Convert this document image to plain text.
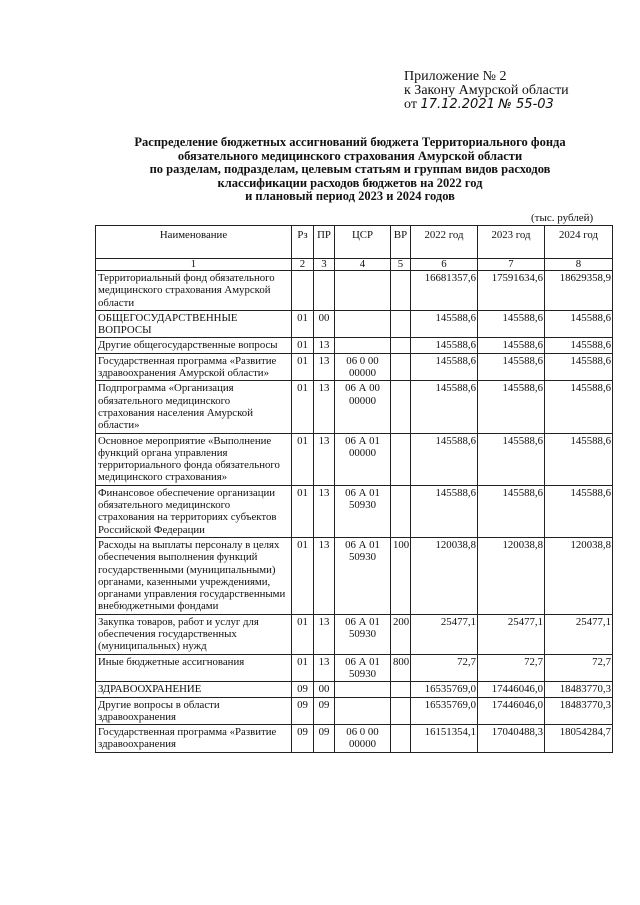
Приложение № 2
к Закону Амурской области
от 17.12.2021 № 55-03
Распределение бюджетных ассигнований бюджета Территориального фонда
обязательного медицинского страхования Амурской области
по разделам, подразделам, целевым статьям и группам видов расходов
классификации расходов бюджетов на 2022 год
и плановый период 2023 и 2024 годов
(тыс. рублей)
Наименование	Рз	ПР	ЦСР	ВР	2022 год	2023 год	2024 год
1	2	3	4	5	6	7	8
Территориальный фонд обязательного медицинского страхования Амурской области					16681357,6	17591634,6	18629358,9
ОБЩЕГОСУДАРСТВЕННЫЕ ВОПРОСЫ	01	00			145588,6	145588,6	145588,6
Другие общегосударственные вопросы	01	13			145588,6	145588,6	145588,6
Государственная программа «Развитие здравоохранения Амурской области»	01	13	06 0 00 00000		145588,6	145588,6	145588,6
Подпрограмма «Организация обязательного медицинского страхования населения Амурской области»	01	13	06 А 00 00000		145588,6	145588,6	145588,6
Основное мероприятие «Выполнение функций органа управления территориального фонда обязательного медицинского страхования»	01	13	06 А 01 00000		145588,6	145588,6	145588,6
Финансовое обеспечение организации обязательного медицинского страхования на территориях субъектов Российской Федерации	01	13	06 А 01 50930		145588,6	145588,6	145588,6
Расходы на выплаты персоналу в целях обеспечения выполнения функций государственными (муниципальными) органами, казенными учреждениями, органами управления государственными внебюджетными фондами	01	13	06 А 01 50930	100	120038,8	120038,8	120038,8
Закупка товаров, работ и услуг для обеспечения государственных (муниципальных) нужд	01	13	06 А 01 50930	200	25477,1	25477,1	25477,1
Иные бюджетные ассигнования	01	13	06 А 01 50930	800	72,7	72,7	72,7
ЗДРАВООХРАНЕНИЕ	09	00			16535769,0	17446046,0	18483770,3
Другие вопросы в области здравоохранения	09	09			16535769,0	17446046,0	18483770,3
Государственная программа «Развитие здравоохранения	09	09	06 0 00 00000		16151354,1	17040488,3	18054284,7
